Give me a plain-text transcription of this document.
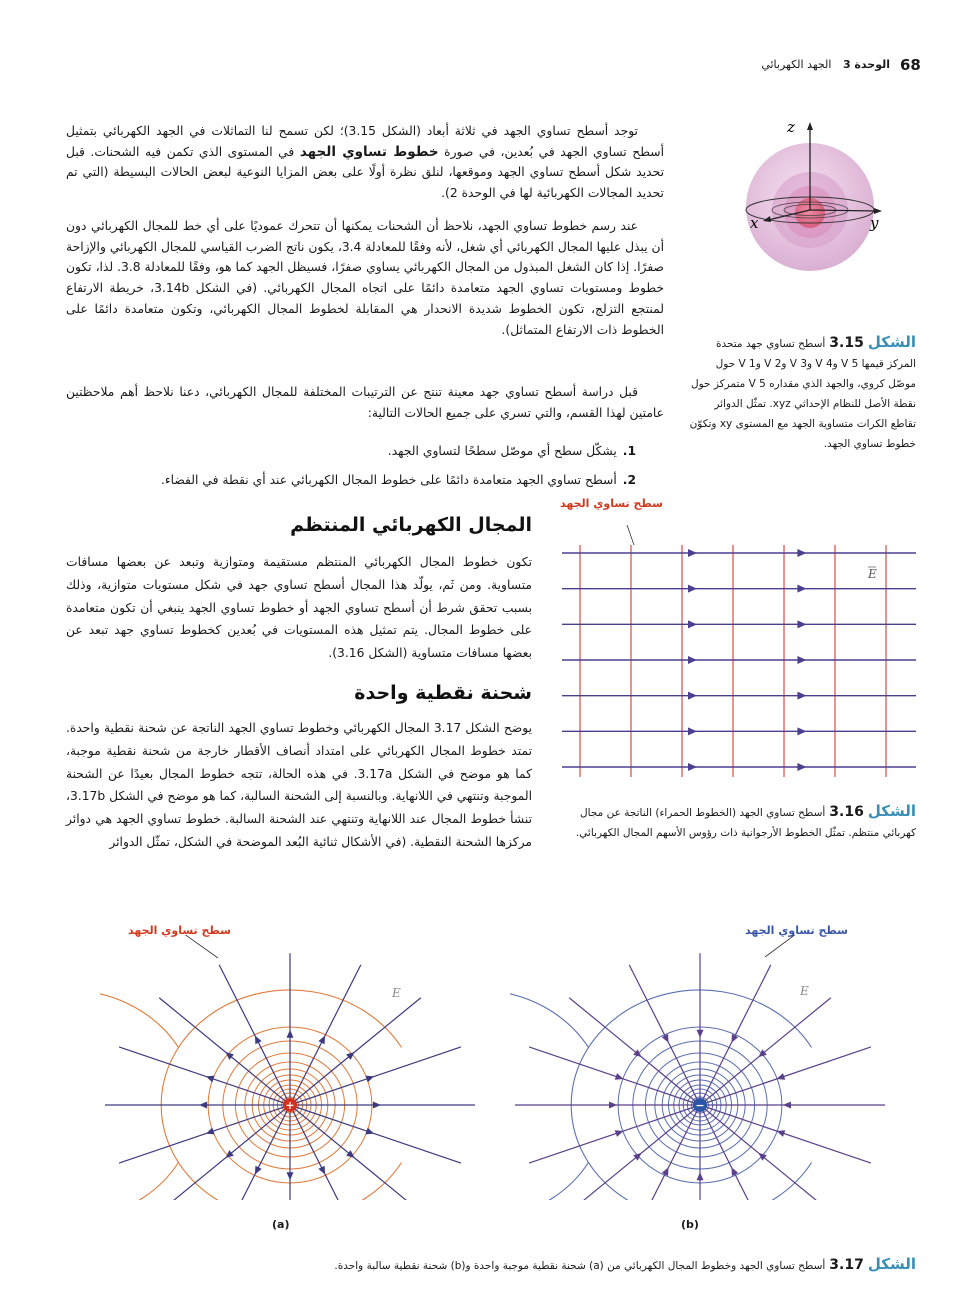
68
الوحدة 3 الجهد الكهربائي

توجد أسطح تساوي الجهد في ثلاثة أبعاد (الشكل 3.15)؛ لكن تسمح لنا التماثلات في الجهد الكهربائي بتمثيل أسطح تساوي الجهد في بُعدين، في صورة خطوط تساوي الجهد في المستوى الذي تكمن فيه الشحنات. قبل تحديد شكل أسطح تساوي الجهد وموقعها، لنلق نظرة أولًا على بعض المزايا النوعية لبعض الحالات البسيطة (التي تم تحديد المجالات الكهربائية لها في الوحدة 2).

عند رسم خطوط تساوي الجهد، نلاحظ أن الشحنات يمكنها أن تتحرك عموديًا على أي خط للمجال الكهربائي دون أن يبذل عليها المجال الكهربائي أي شغل، لأنه وفقًا للمعادلة 3.4، يكون ناتج الضرب القياسي للمجال الكهربائي والإزاحة صفرًا. إذا كان الشغل المبذول من المجال الكهربائي يساوي صفرًا، فسيظل الجهد كما هو، وفقًا للمعادلة 3.8. لذا، تكون خطوط ومستويات تساوي الجهد متعامدة دائمًا على اتجاه المجال الكهربائي. (في الشكل 3.14b، خريطة الارتفاع لمنتجع التزلج، تكون الخطوط شديدة الانحدار هي المقابلة لخطوط المجال الكهربائي، وتكون متعامدة دائمًا على الخطوط ذات الارتفاع المتماثل).

قبل دراسة أسطح تساوي جهد معينة تنتج عن الترتيبات المختلفة للمجال الكهربائي، دعنا نلاحظ أهم ملاحظتين عامتين لهذا القسم، والتي تسري على جميع الحالات التالية:

1.يشكّل سطح أي موصّل سطحًا لتساوي الجهد.
2.أسطح تساوي الجهد متعامدة دائمًا على خطوط المجال الكهربائي عند أي نقطة في الفضاء.
المجال الكهربائي المنتظم
تكون خطوط المجال الكهربائي المنتظم مستقيمة ومتوازية وتبعد عن بعضها مسافات متساوية. ومن ثَم، يولّد هذا المجال أسطح تساوي جهد في شكل مستويات متوازية، وذلك بسبب تحقق شرط أن أسطح تساوي الجهد أو خطوط تساوي الجهد ينبغي أن تكون متعامدة على خطوط المجال. يتم تمثيل هذه المستويات في بُعدين كخطوط تساوي جهد تبعد عن بعضها مسافات متساوية (الشكل 3.16).
شحنة نقطية واحدة
يوضح الشكل 3.17 المجال الكهربائي وخطوط تساوي الجهد الناتجة عن شحنة نقطية واحدة. تمتد خطوط المجال الكهربائي على امتداد أنصاف الأقطار خارجة من شحنة نقطية موجبة، كما هو موضح في الشكل 3.17a. في هذه الحالة، تتجه خطوط المجال بعيدًا عن الشحنة الموجبة وتنتهي في اللانهاية. وبالنسبة إلى الشحنة السالبة، كما هو موضح في الشكل 3.17b، تنشأ خطوط المجال عند اللانهاية وتنتهي عند الشحنة السالبة. خطوط تساوي الجهد هي دوائر مركزها الشحنة النقطية. (في الأشكال ثنائية البُعد الموضحة في الشكل، تمثّل الدوائر
z
x	y
الشكل3.15أسطح تساوي جهد متحدة المركز قيمها V 5 وV 4 وV 3 و2 V وV 1 حول موصّل كروي، والجهد الذي مقداره V 5 متمركز حول نقطة الأصل للنظام الإحداثي xyz. تمثّل الدوائر تقاطع الكرات متساوية الجهد مع المستوى xy وتكوّن خطوط تساوي الجهد.
سطح تساوي الجهد
E
الشكل3.16أسطح تساوي الجهد (الخطوط الحمراء) الناتجة عن مجال كهربائي منتظم. تمثّل الخطوط الأرجوانية ذات رؤوس الأسهم المجال الكهربائي.
سطح تساوي الجهد
+
E
(a)
سطح تساوي الجهد
−
E
(b)
الشكل3.17أسطح تساوي الجهد وخطوط المجال الكهربائي من (a) شحنة نقطية موجبة واحدة و(b) شحنة نقطية سالبة واحدة.
